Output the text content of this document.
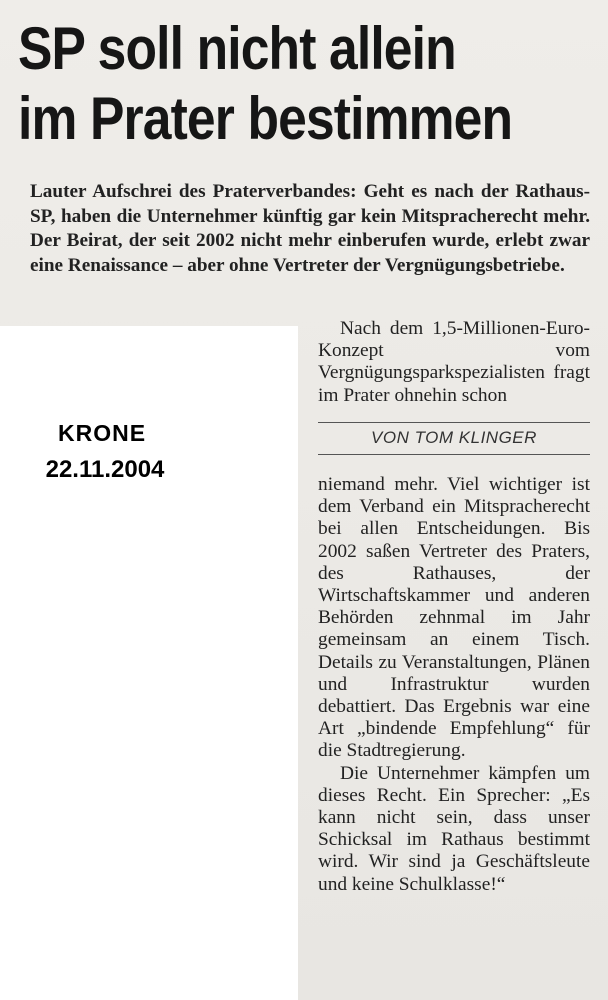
SP soll nicht allein
im Prater bestimmen
Lauter Aufschrei des Praterverbandes: Geht es nach der Rathaus-SP, haben die Unternehmer künftig gar kein Mitspracherecht mehr. Der Beirat, der seit 2002 nicht mehr einberufen wurde, erlebt zwar eine Renaissance – aber ohne Vertreter der Vergnügungsbetriebe.
KRONE
22.11.2004

Nach dem 1,5-Millionen-Euro-Konzept vom Vergnügungsparkspezialisten fragt im Prater ohnehin schon

VON TOM KLINGER

niemand mehr. Viel wichtiger ist dem Verband ein Mitspracherecht bei allen Entscheidungen. Bis 2002 saßen Vertreter des Praters, des Rathauses, der Wirtschaftskammer und anderen Behörden zehnmal im Jahr gemeinsam an einem Tisch. Details zu Veranstaltungen, Plänen und Infrastruktur wurden debattiert. Das Ergebnis war eine Art „bindende Empfehlung“ für die Stadtregierung.

Die Unternehmer kämpfen um dieses Recht. Ein Sprecher: „Es kann nicht sein, dass unser Schicksal im Rathaus bestimmt wird. Wir sind ja Geschäftsleute und keine Schulklasse!“
